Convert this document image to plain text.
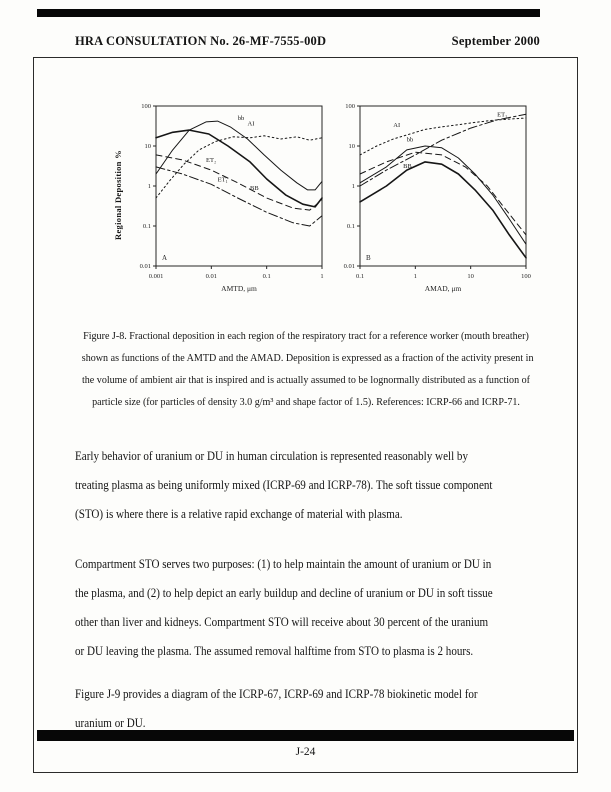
HRA CONSULTATION No. 26-MF-7555-00D	September 2000
Regional Deposition %
0.001	0.01	0.1	1
100
10
1
0.1
0.01
AMTD, μm
A
AI
bb
BB
ET₂
ET₁
0.1	1	10	100
100
10
1
0.1
0.01
AMAD, μm
B
AI
ET₁
bb
BB
Figure J-8. Fractional deposition in each region of the respiratory tract for a reference worker (mouth breather)
shown as functions of the AMTD and the AMAD. Deposition is expressed as a fraction of the activity present in
the volume of ambient air that is inspired and is actually assumed to be lognormally distributed as a function of
particle size (for particles of density 3.0 g/m³ and shape factor of 1.5). References: ICRP-66 and ICRP-71.
Early behavior of uranium or DU in human circulation is represented reasonably well by
treating plasma as being uniformly mixed (ICRP-69 and ICRP-78). The soft tissue component
(STO) is where there is a relative rapid exchange of material with plasma.
Compartment STO serves two purposes: (1) to help maintain the amount of uranium or DU in
the plasma, and (2) to help depict an early buildup and decline of uranium or DU in soft tissue
other than liver and kidneys. Compartment STO will receive about 30 percent of the uranium
or DU leaving the plasma. The assumed removal halftime from STO to plasma is 2 hours.
Figure J-9 provides a diagram of the ICRP-67, ICRP-69 and ICRP-78 biokinetic model for
uranium or DU.
J-24
